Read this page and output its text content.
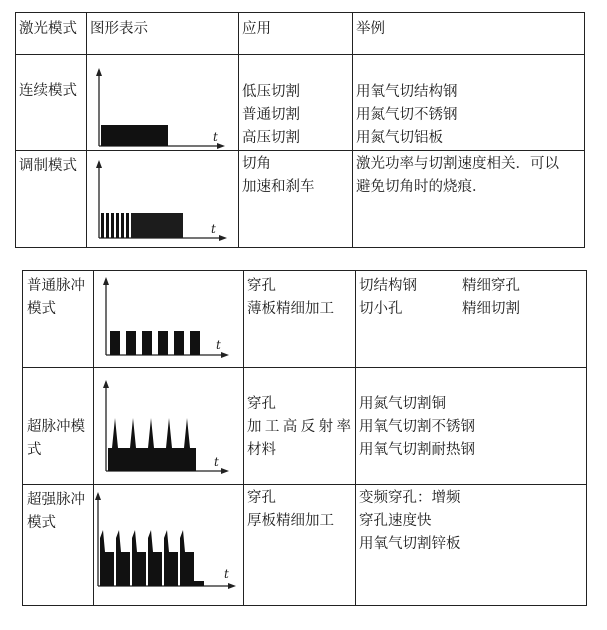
激光模式 图形表示	应用	举例
连续模式
t
低压切割
普通切割
高压切割
用氧气切结构钢
用氮气切不锈钢
用氮气切铝板
调制模式
t
切角
加速和刹车
激光功率与切割速度相关．可以
避免切角时的烧痕．
普通脉冲
模式
t
穿孔
薄板精细加工
切结构钢
切小孔
精细穿孔
精细切割
超脉冲模
式
t
穿孔
加工高反射率
材料
用氮气切割铜
用氧气切割不锈钢
用氧气切割耐热钢
超强脉冲
模式
t
穿孔
厚板精细加工
变频穿孔：增频
穿孔速度快
用氧气切割锌板
